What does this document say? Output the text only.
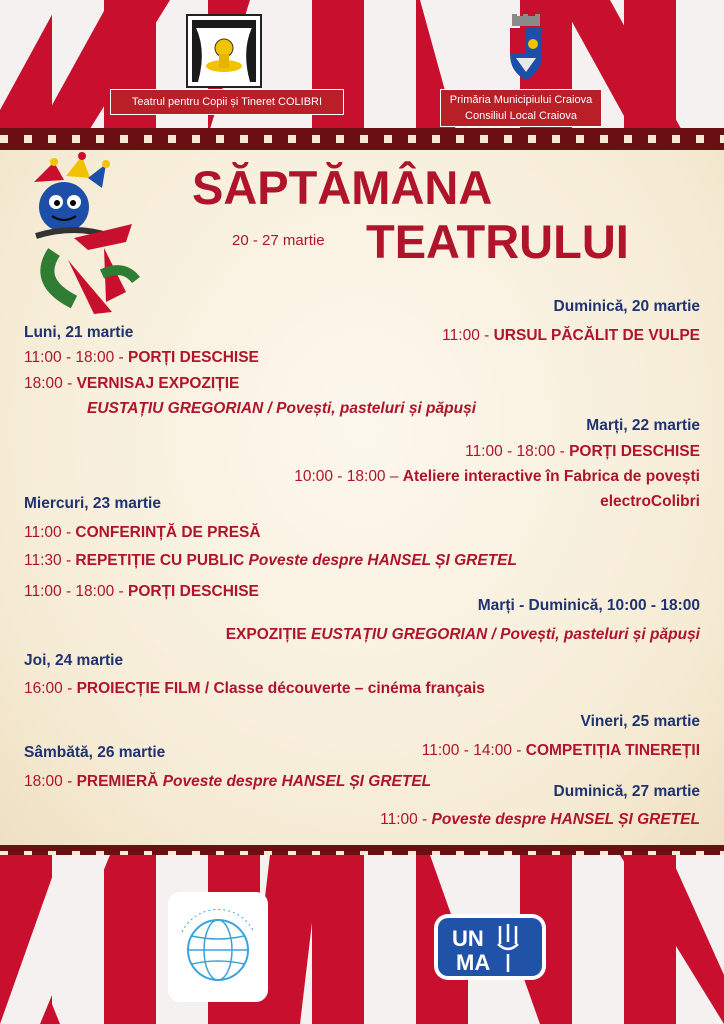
Teatrul pentru Copii și Tineret COLIBRI	Primăria Municipiului Craiova
Consiliul Local Craiova
SĂPTĂMÂNA
TEATRULUI
20 - 27 martie
Duminică, 20 martie
11:00 - URSUL PĂCĂLIT DE VULPE
Luni, 21 martie
11:00 - 18:00 - PORȚI DESCHISE
18:00 - VERNISAJ EXPOZIȚIE
EUSTAȚIU GREGORIAN / Povești, pasteluri și păpuși
Marți, 22 martie
11:00 - 18:00 - PORȚI DESCHISE
10:00 - 18:00 – Ateliere interactive în Fabrica de povești
electroColibri
Miercuri, 23 martie
11:00 - CONFERINȚĂ DE PRESĂ
11:30 - REPETIȚIE CU PUBLIC Poveste despre HANSEL ȘI GRETEL
11:00 - 18:00 - PORȚI DESCHISE
Marți - Duminică, 10:00 - 18:00
EXPOZIȚIE EUSTAȚIU GREGORIAN / Povești, pasteluri și păpuși
Joi, 24 martie
16:00 - PROIECȚIE FILM / Classe découverte – cinéma français
Vineri, 25 martie
11:00 - 14:00 - COMPETIȚIA TINEREȚII
Sâmbătă, 26 martie
18:00 - PREMIERĂ Poveste despre HANSEL ȘI GRETEL
Duminică, 27 martie
11:00 - Poveste despre HANSEL ȘI GRETEL
UN
MA
